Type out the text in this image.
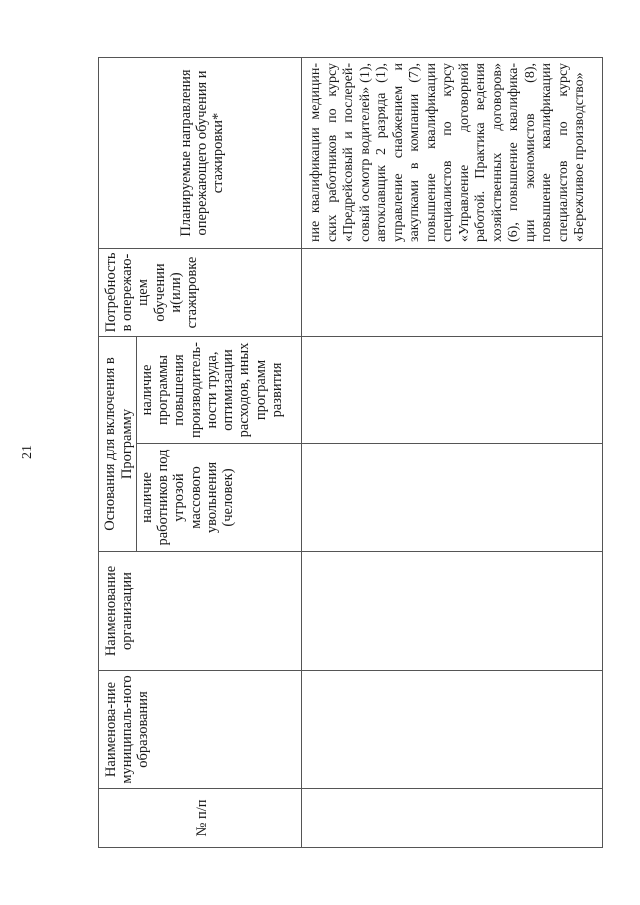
21
№ п/п	Наименова-ние муниципаль-ного образования	Наименование организации	Основания для включения в Программу		Потребность в опережаю-щем обучении и(или) стажировке	Планируемые направления опережающего обучения и стажировки*
			наличие работников под угрозой массового увольнения (человек)	наличие программы повышения производитель-ности труда, оптимизации расходов, иных программ развития		
						ние квалификации медицин-ских работников по курсу «Предрейсовый и послерей-совый осмотр водителей» (1), автоклавщик 2 разряда (1), управление снабжением и закупками в компании (7), повышение квалификации специалистов по курсу «Управление договорной работой. Практика ведения хозяйственных договоров» (6), повышение квалифика-ции экономистов (8), повышение квалификации специалистов по курсу «Бережливое производство»
